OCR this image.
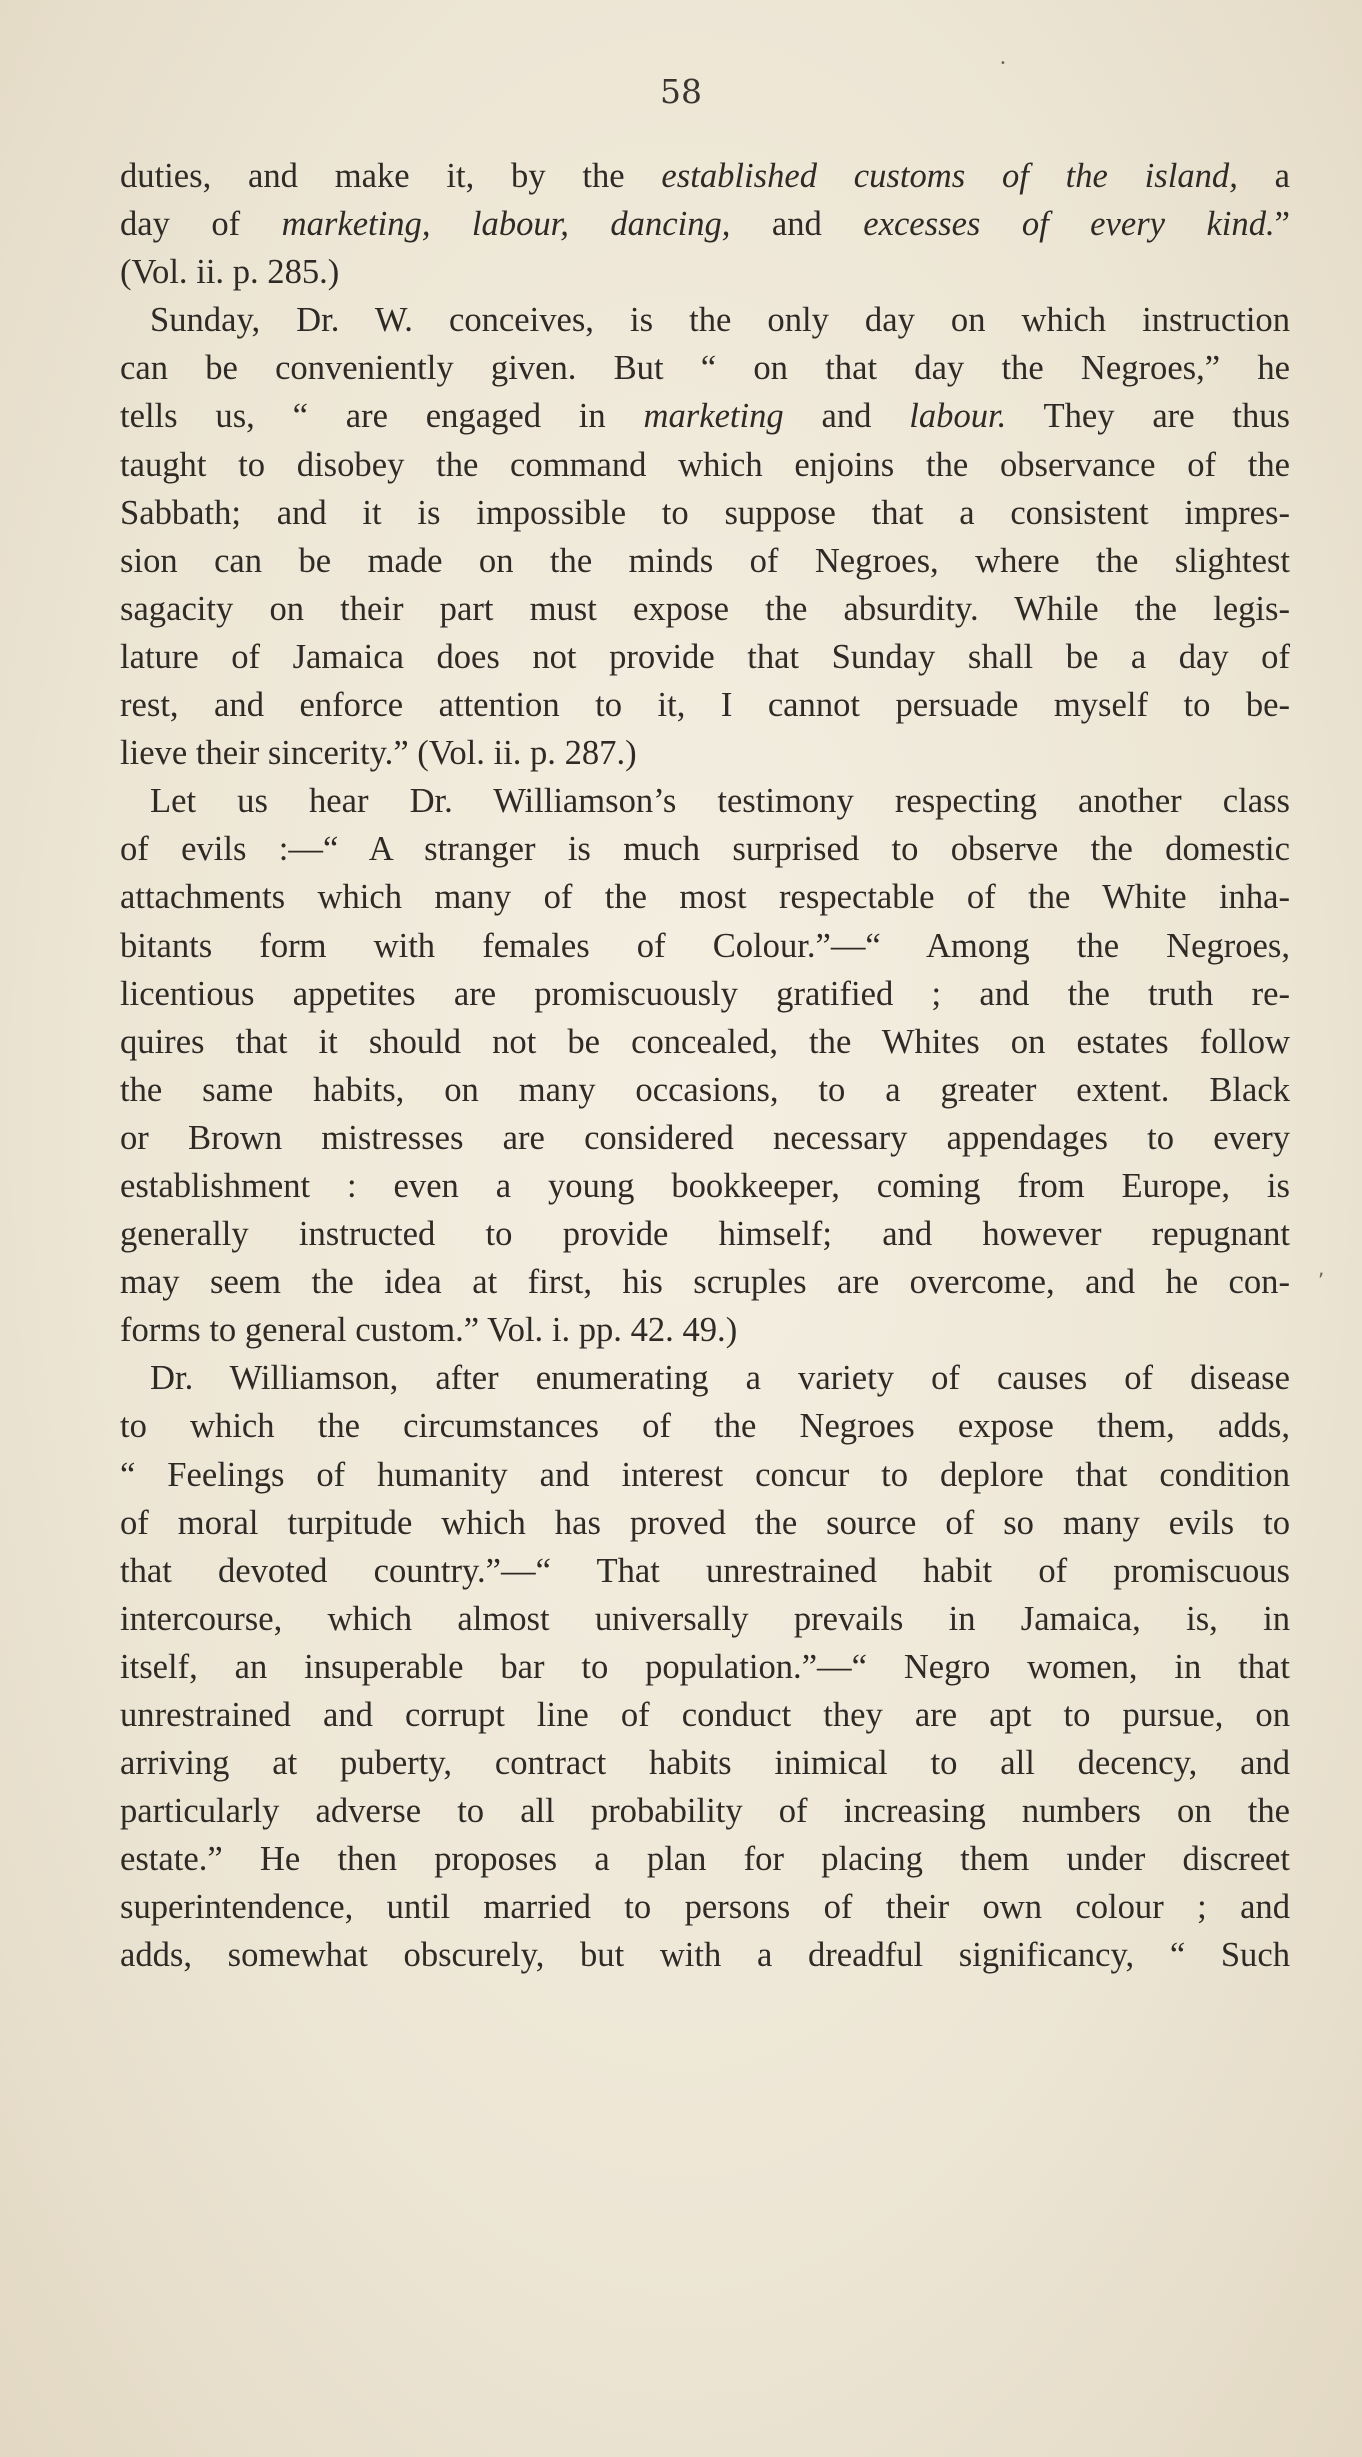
58
•
,
duties, and make it, by the established customs of the island, a
day of marketing, labour, dancing, and excesses of every kind.”
(Vol. ii. p. 285.)
Sunday, Dr. W. conceives, is the only day on which instruction
can be conveniently given. But “ on that day the Negroes,” he
tells us, “ are engaged in marketing and labour. They are thus
taught to disobey the command which enjoins the observance of the
Sabbath; and it is impossible to suppose that a consistent impres-
sion can be made on the minds of Negroes, where the slightest
sagacity on their part must expose the absurdity. While the legis-
lature of Jamaica does not provide that Sunday shall be a day of
rest, and enforce attention to it, I cannot persuade myself to be-
lieve their sincerity.” (Vol. ii. p. 287.)
Let us hear Dr. Williamson’s testimony respecting another class
of evils :—“ A stranger is much surprised to observe the domestic
attachments which many of the most respectable of the White inha-
bitants form with females of Colour.”—“ Among the Negroes,
licentious appetites are promiscuously gratified ; and the truth re-
quires that it should not be concealed, the Whites on estates follow
the same habits, on many occasions, to a greater extent. Black
or Brown mistresses are considered necessary appendages to every
establishment : even a young bookkeeper, coming from Europe, is
generally instructed to provide himself; and however repugnant
may seem the idea at first, his scruples are overcome, and he con-
forms to general custom.” Vol. i. pp. 42. 49.)
Dr. Williamson, after enumerating a variety of causes of disease
to which the circumstances of the Negroes expose them, adds,
“ Feelings of humanity and interest concur to deplore that condition
of moral turpitude which has proved the source of so many evils to
that devoted country.”—“ That unrestrained habit of promiscuous
intercourse, which almost universally prevails in Jamaica, is, in
itself, an insuperable bar to population.”—“ Negro women, in that
unrestrained and corrupt line of conduct they are apt to pursue, on
arriving at puberty, contract habits inimical to all decency, and
particularly adverse to all probability of increasing numbers on the
estate.” He then proposes a plan for placing them under discreet
superintendence, until married to persons of their own colour ; and
adds, somewhat obscurely, but with a dreadful significancy, “ Such
